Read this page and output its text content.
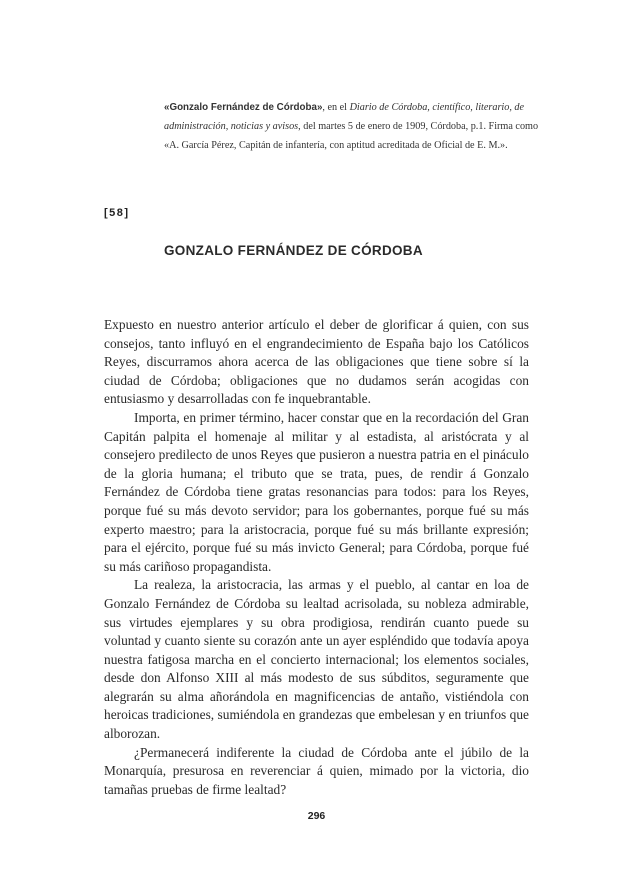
«Gonzalo Fernández de Córdoba», en el Diario de Córdoba, científico, literario, de administración, noticias y avisos, del martes 5 de enero de 1909, Córdoba, p.1. Firma como «A. García Pérez, Capitán de infantería, con aptitud acreditada de Oficial de E. M.».
[58]
GONZALO FERNÁNDEZ DE CÓRDOBA

Expuesto en nuestro anterior artículo el deber de glorificar á quien, con sus consejos, tanto influyó en el engrandecimiento de España bajo los Católicos Reyes, discurramos ahora acerca de las obligaciones que tiene sobre sí la ciudad de Córdoba; obligaciones que no dudamos serán acogidas con entusiasmo y desarrolladas con fe inquebrantable.

Importa, en primer término, hacer constar que en la recordación del Gran Capitán palpita el homenaje al militar y al estadista, al aristócrata y al consejero predilecto de unos Reyes que pusieron a nuestra patria en el pináculo de la gloria humana; el tributo que se trata, pues, de rendir á Gonzalo Fernández de Córdoba tiene gratas resonancias para todos: para los Reyes, porque fué su más devoto servidor; para los gobernantes, porque fué su más experto maestro; para la aristocracia, porque fué su más brillante expresión; para el ejército, porque fué su más invicto General; para Córdoba, porque fué su más cariñoso propagandista.

La realeza, la aristocracia, las armas y el pueblo, al cantar en loa de Gonzalo Fernández de Córdoba su lealtad acrisolada, su nobleza admirable, sus virtudes ejemplares y su obra prodigiosa, rendirán cuanto puede su voluntad y cuanto siente su corazón ante un ayer espléndido que todavía apoya nuestra fatigosa marcha en el concierto internacional; los elementos sociales, desde don Alfonso XIII al más modesto de sus súbditos, seguramente que alegrarán su alma añorándola en magnificencias de antaño, vistiéndola con heroicas tradiciones, sumiéndola en grandezas que embelesan y en triunfos que alborozan.

¿Permanecerá indiferente la ciudad de Córdoba ante el júbilo de la Monarquía, presurosa en reverenciar á quien, mimado por la victoria, dio tamañas pruebas de firme lealtad?

296
